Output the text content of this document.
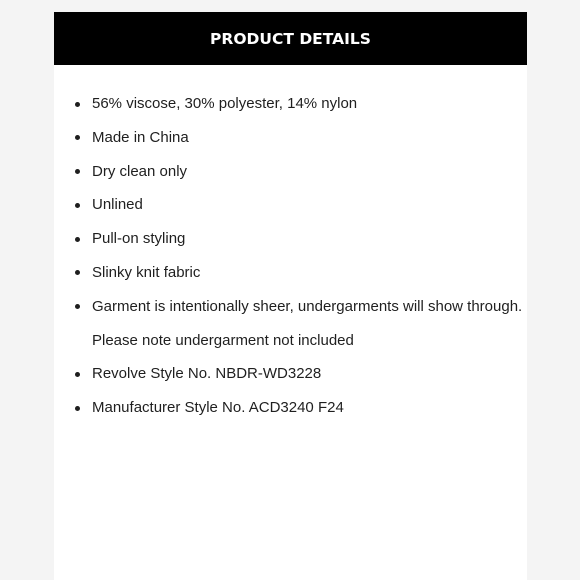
PRODUCT DETAILS
56% viscose, 30% polyester, 14% nylon
Made in China
Dry clean only
Unlined
Pull-on styling
Slinky knit fabric
Garment is intentionally sheer, undergarments will show through.
Please note undergarment not included
Revolve Style No. NBDR-WD3228
Manufacturer Style No. ACD3240 F24
